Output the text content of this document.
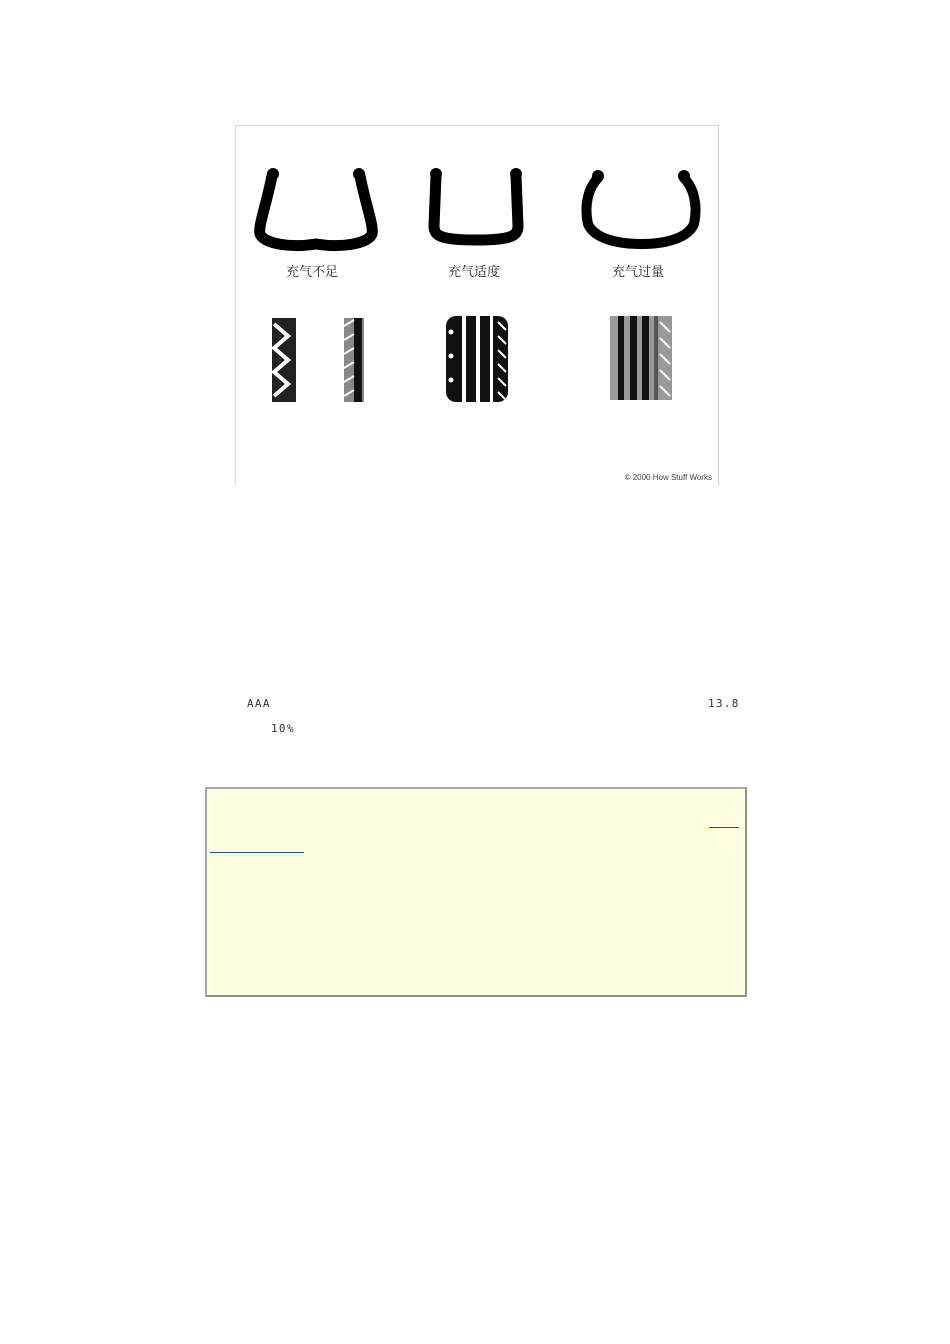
充气不足	充气适度	充气过量
© 2000 How Stuff Works
AAA	13.8
10%
